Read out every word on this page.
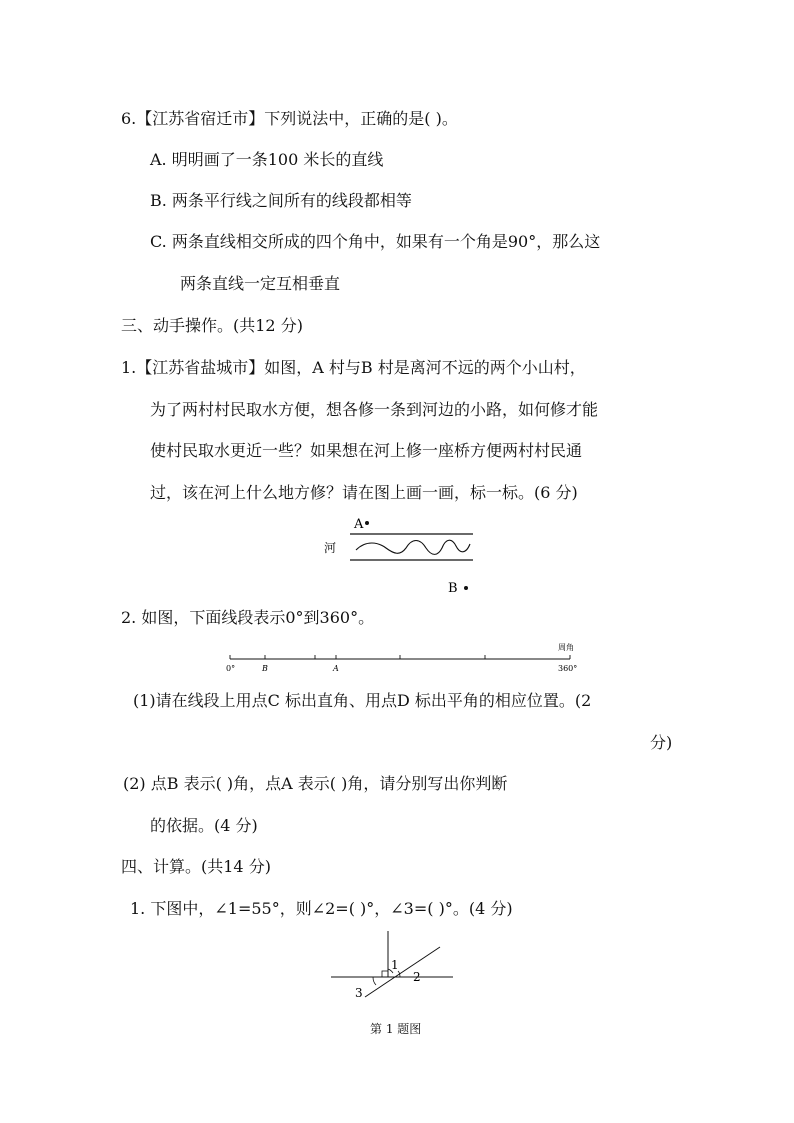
6.【江苏省宿迁市】下列说法中，正确的是( )。
A. 明明画了一条100 米长的直线
B. 两条平行线之间所有的线段都相等
C. 两条直线相交所成的四个角中，如果有一个角是90°，那么这
两条直线一定互相垂直
三、动手操作。(共12 分)
1.【江苏省盐城市】如图，A 村与B 村是离河不远的两个小山村，
为了两村村民取水方便，想各修一条到河边的小路，如何修才能
使村民取水更近一些？如果想在河上修一座桥方便两村村民通
过，该在河上什么地方修？请在图上画一画，标一标。(6 分)
A
河
B
2. 如图，下面线段表示0°到360°。
周角
0°	B	A	360°
(1)请在线段上用点C 标出直角、用点D 标出平角的相应位置。(2
分)
(2) 点B 表示( )角，点A 表示( )角，请分别写出你判断
的依据。(4 分)
四、计算。(共14 分)
1. 下图中，∠1=55°，则∠2=( )°，∠3=( )°。(4 分)
1
2
3
第 1 题图
